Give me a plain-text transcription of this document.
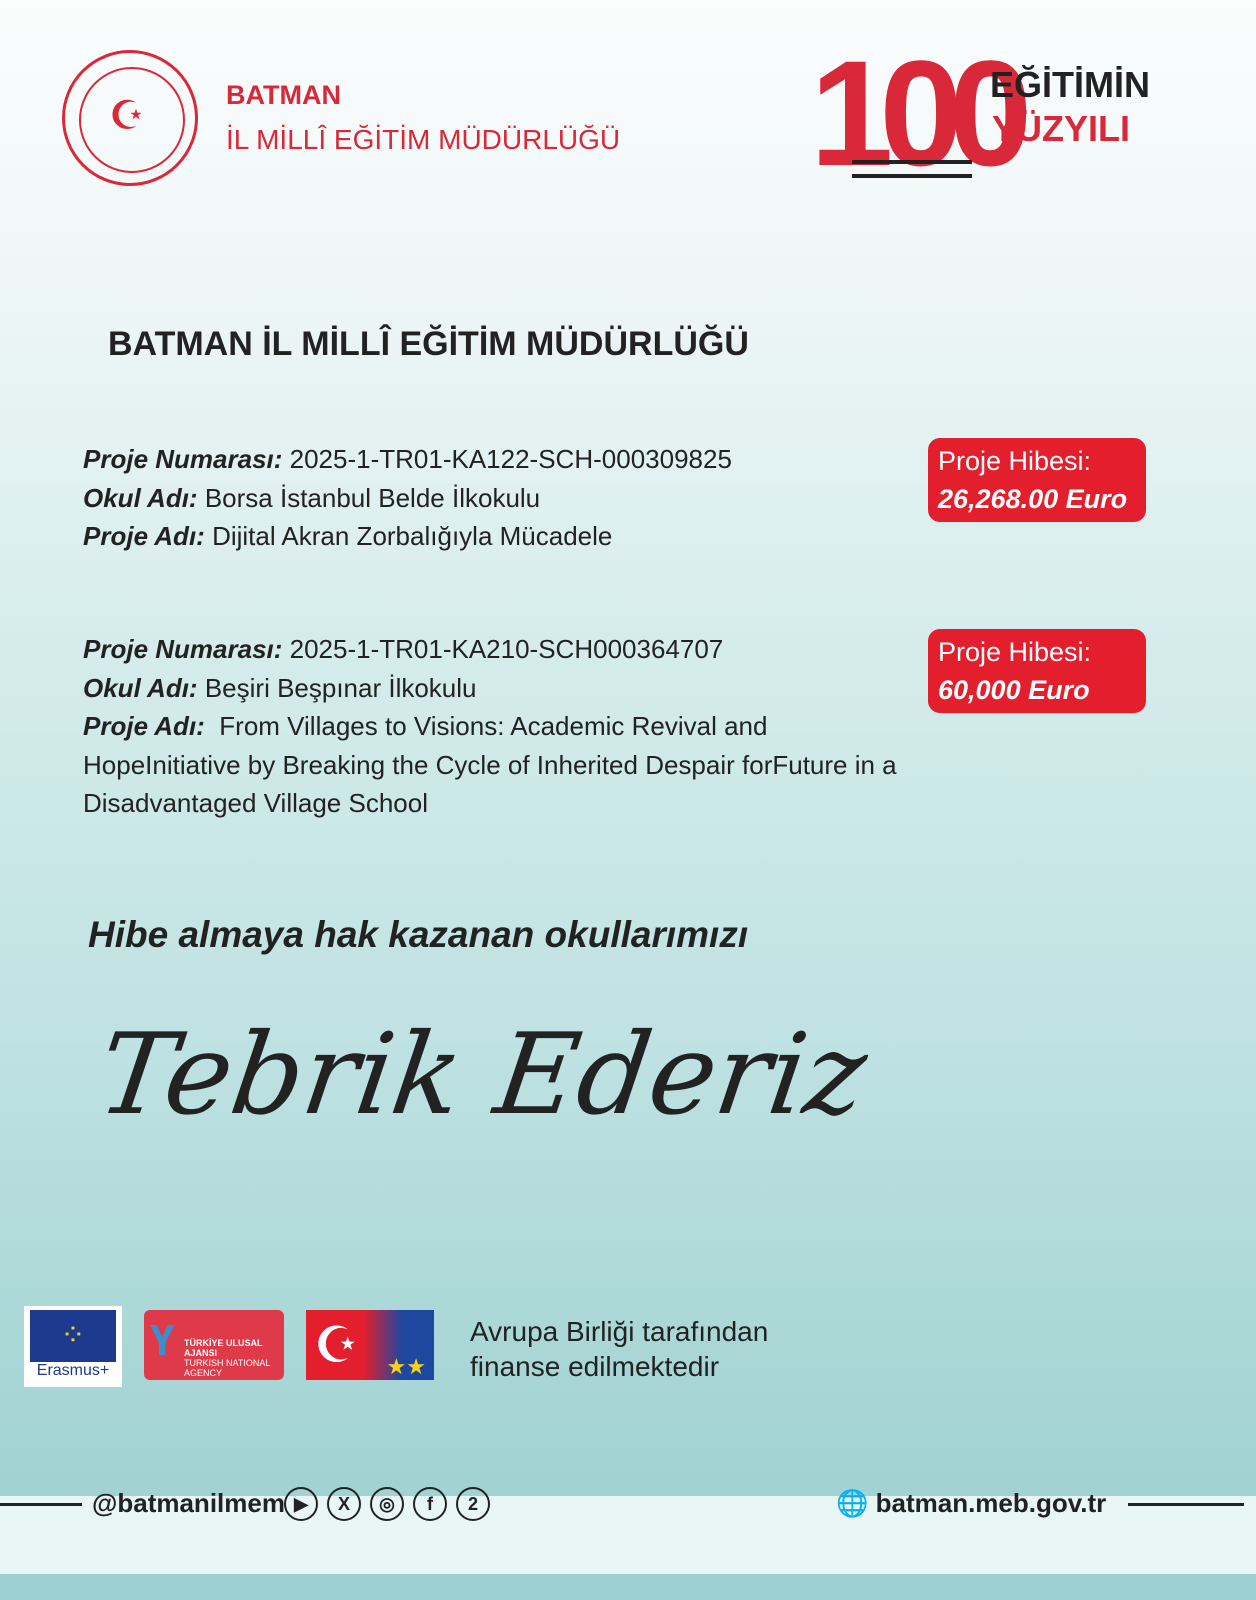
☪	BATMAN
İL MİLLÎ EĞİTİM MÜDÜRLÜĞÜ 100
EĞİTİMİN
YÜZYILI
BATMAN İL MİLLÎ EĞİTİM MÜDÜRLÜĞÜ
Proje Numarası: 2025-1-TR01-KA122-SCH-000309825
Okul Adı: Borsa İstanbul Belde İlkokulu
Proje Adı: Dijital Akran Zorbalığıyla Mücadele
Proje Hibesi:
26,268.00 Euro
Proje Numarası: 2025-1-TR01-KA210-SCH000364707
Okul Adı: Beşiri Beşpınar İlkokulu
Proje Adı: From Villages to Visions: Academic Revival and HopeInitiative by Breaking the Cycle of Inherited Despair forFuture in a Disadvantaged Village School
Proje Hibesi:
60,000 Euro
Hibe almaya hak kazanan okullarımızı
Tebrik Ederiz
⁘
Erasmus+
Ү TÜRKİYE ULUSAL AJANSI
TURKISH NATIONAL AGENCY	☪ ★★
Avrupa Birliği tarafından
finanse edilmektedir
@batmanilmem ▶	X	◎	f	2	🌐 batman.meb.gov.tr
